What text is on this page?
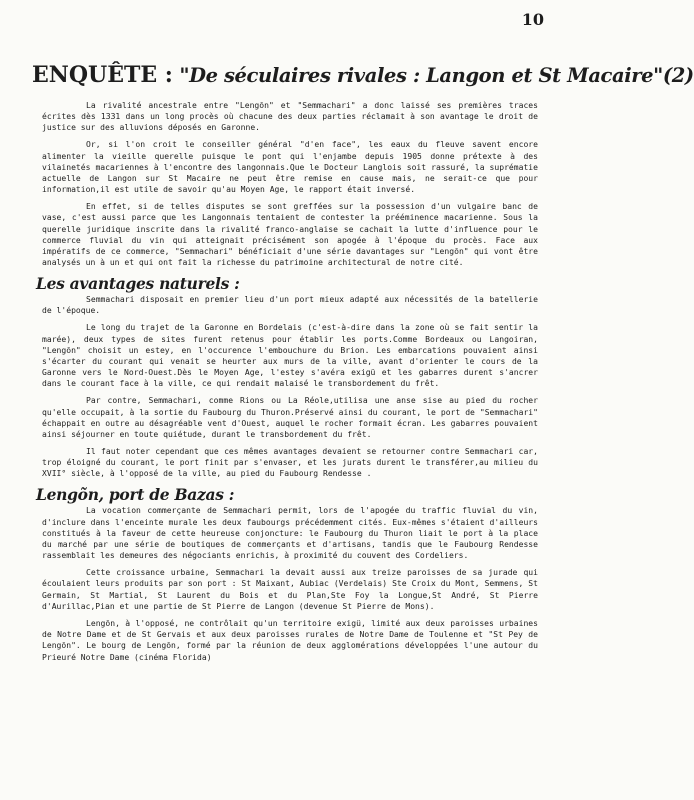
10
ENQUÊTE : "De séculaires rivales : Langon et St Macaire"(2)

La rivalité ancestrale entre "Lengõn" et "Semmachari" a donc laissé ses premières traces écrites dès 1331 dans un long procès où chacune des deux parties réclamait à son avantage le droit de justice sur des alluvions déposés en Garonne.

Or, si l'on croit le conseiller général "d'en face", les eaux du fleuve savent encore alimenter la vieille querelle puisque le pont qui l'enjambe depuis 1905 donne prétexte à des vilainetés macariennes à l'encontre des langonnais.Que le Docteur Langlois soit rassuré, la suprématie actuelle de Langon sur St Macaire ne peut être remise en cause mais, ne serait-ce que pour information,il est utile de savoir qu'au Moyen Age, le rapport était inversé.

En effet, si de telles disputes se sont greffées sur la possession d'un vulgaire banc de vase, c'est aussi parce que les Langonnais tentaient de contester la prééminence macarienne. Sous la querelle juridique inscrite dans la rivalité franco-anglaise se cachait la lutte d'influence pour le commerce fluvial du vin qui atteignait précisément son apogée à l'époque du procès. Face aux impératifs de ce commerce, "Semmachari" bénéficiait d'une série davantages sur "Lengõn" qui vont être analysés un à un et qui ont fait la richesse du patrimoine architectural de notre cité.

Les avantages naturels :

Semmachari disposait en premier lieu d'un port mieux adapté aux nécessités de la batellerie de l'époque.

Le long du trajet de la Garonne en Bordelais (c'est-à-dire dans la zone où se fait sentir la marée), deux types de sites furent retenus pour établir les ports.Comme Bordeaux ou Langoiran, "Lengõn" choisit un estey, en l'occurence l'embouchure du Brion. Les embarcations pouvaient ainsi s'écarter du courant qui venait se heurter aux murs de la ville, avant d'orienter le cours de la Garonne vers le Nord-Ouest.Dès le Moyen Age, l'estey s'avéra exigü et les gabarres durent s'ancrer dans le courant face à la ville, ce qui rendait malaisé le transbordement du frêt.

Par contre, Semmachari, comme Rions ou La Réole,utilisa une anse sise au pied du rocher qu'elle occupait, à la sortie du Faubourg du Thuron.Préservé ainsi du courant, le port de "Semmachari" échappait en outre au désagréable vent d'Ouest, auquel le rocher formait écran. Les gabarres pouvaient ainsi séjourner en toute quiétude, durant le transbordement du frêt.

Il faut noter cependant que ces mêmes avantages devaient se retourner contre Semmachari car, trop éloigné du courant, le port finit par s'envaser, et les jurats durent le transférer,au milieu du XVII° siècle, à l'opposé de la ville, au pied du Faubourg Rendesse .

Lengõn, port de Bazas :

La vocation commerçante de Semmachari permit, lors de l'apogée du traffic fluvial du vin, d'inclure dans l'enceinte murale les deux faubourgs précédemment cités. Eux-mêmes s'étaient d'ailleurs constitués à la faveur de cette heureuse conjoncture: le Faubourg du Thuron liait le port à la place du marché par une série de boutiques de commerçants et d'artisans, tandis que le Faubourg Rendesse rassemblait les demeures des négociants enrichis, à proximité du couvent des Cordeliers.

Cette croissance urbaine, Semmachari la devait aussi aux treize paroisses de sa jurade qui écoulaient leurs produits par son port : St Maixant, Aubiac (Verdelais) Ste Croix du Mont, Semmens, St Germain, St Martial, St Laurent du Bois et du Plan,Ste Foy la Longue,St André, St Pierre d'Aurillac,Pian et une partie de St Pierre de Langon (devenue St Pierre de Mons).

Lengõn, à l'opposé, ne contrôlait qu'un territoire exigü, limité aux deux paroisses urbaines de Notre Dame et de St Gervais et aux deux paroisses rurales de Notre Dame de Toulenne et "St Pey de Lengõn". Le bourg de Lengõn, formé par la réunion de deux agglomérations développées l'une autour du Prieuré Notre Dame (cinéma Florida)
